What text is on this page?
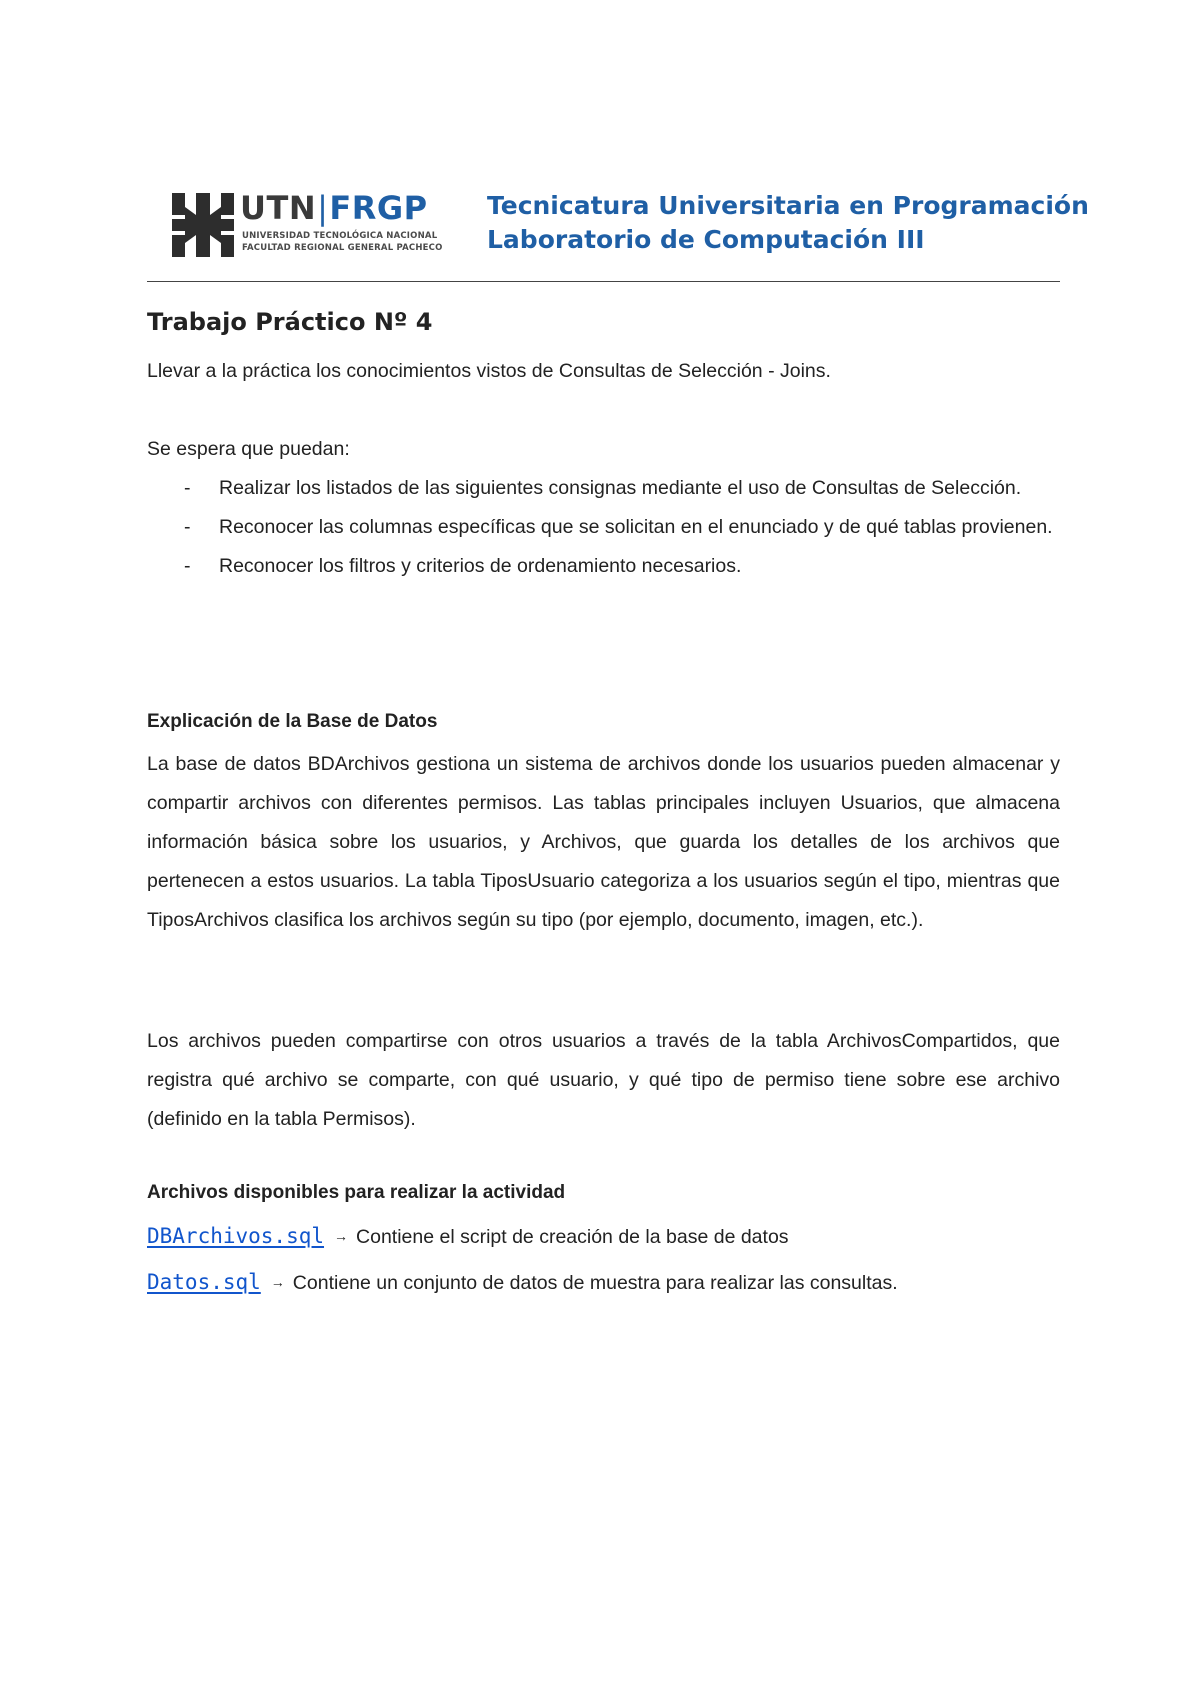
UTN|FRGP
UNIVERSIDAD TECNOLÓGICA NACIONAL
FACULTAD REGIONAL GENERAL PACHECO
Tecnicatura Universitaria en Programación
Laboratorio de Computación III
Trabajo Práctico Nº 4
Llevar a la práctica los conocimientos vistos de Consultas de Selección - Joins.
Se espera que puedan:
- Realizar los listados de las siguientes consignas mediante el uso de Consultas de Selección.
- Reconocer las columnas específicas que se solicitan en el enunciado y de qué tablas provienen.
- Reconocer los filtros y criterios de ordenamiento necesarios.
Explicación de la Base de Datos
La base de datos BDArchivos gestiona un sistema de archivos donde los usuarios pueden almacenar y compartir archivos con diferentes permisos. Las tablas principales incluyen Usuarios, que almacena información básica sobre los usuarios, y Archivos, que guarda los detalles de los archivos que pertenecen a estos usuarios. La tabla TiposUsuario categoriza a los usuarios según el tipo, mientras que TiposArchivos clasifica los archivos según su tipo (por ejemplo, documento, imagen, etc.).
Los archivos pueden compartirse con otros usuarios a través de la tabla ArchivosCompartidos, que registra qué archivo se comparte, con qué usuario, y qué tipo de permiso tiene sobre ese archivo (definido en la tabla Permisos).
Archivos disponibles para realizar la actividad
DBArchivos.sql → Contiene el script de creación de la base de datos
Datos.sql → Contiene un conjunto de datos de muestra para realizar las consultas.
